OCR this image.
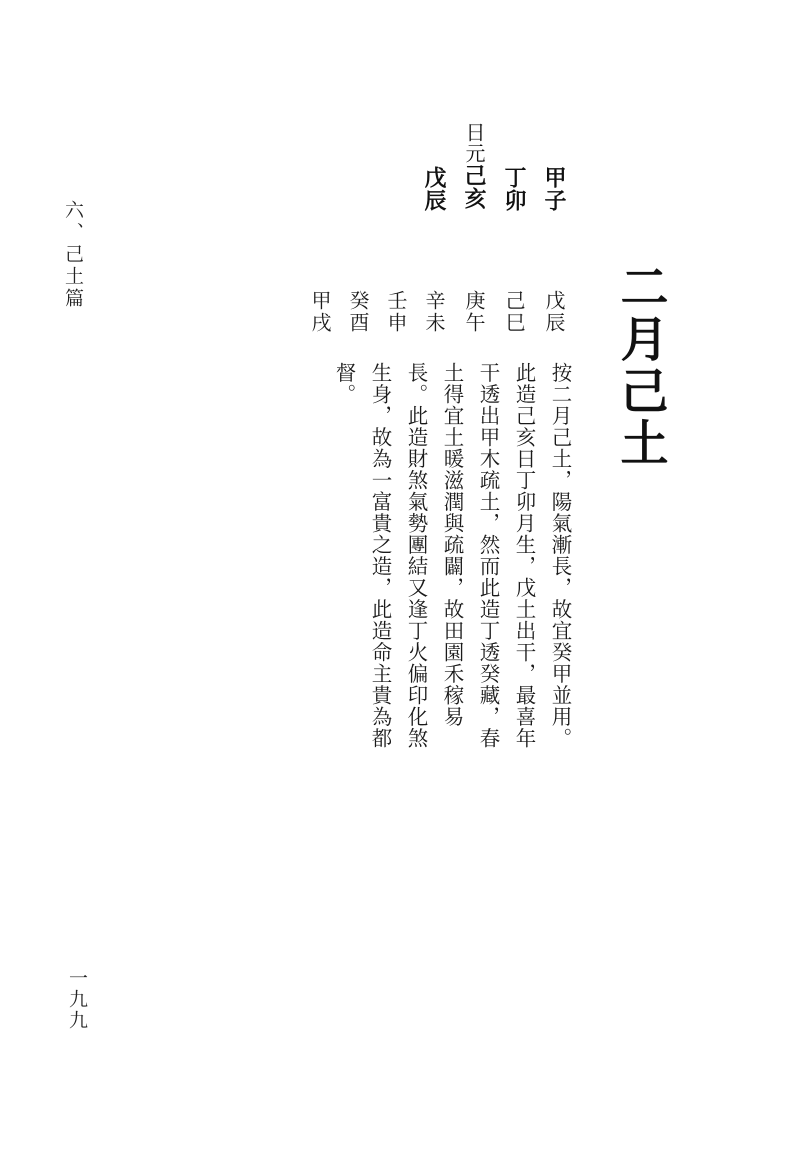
二月己土
按二月己土，陽氣漸長，故宜癸甲並用。此造己亥日丁卯月生，戊土出干，最喜年干透出甲木疏土，然而此造丁透癸藏，春土得宜土暖滋潤與疏闢，故田園禾稼易長。此造財煞氣勢團結又逢丁火偏印化煞生身，故為一富貴之造，此造命主貴為都督。
甲子
丁卯
日元己亥
戊辰
戊辰
己巳
庚午
辛未
壬申
癸酉
甲戌
六、己土篇
一九九
